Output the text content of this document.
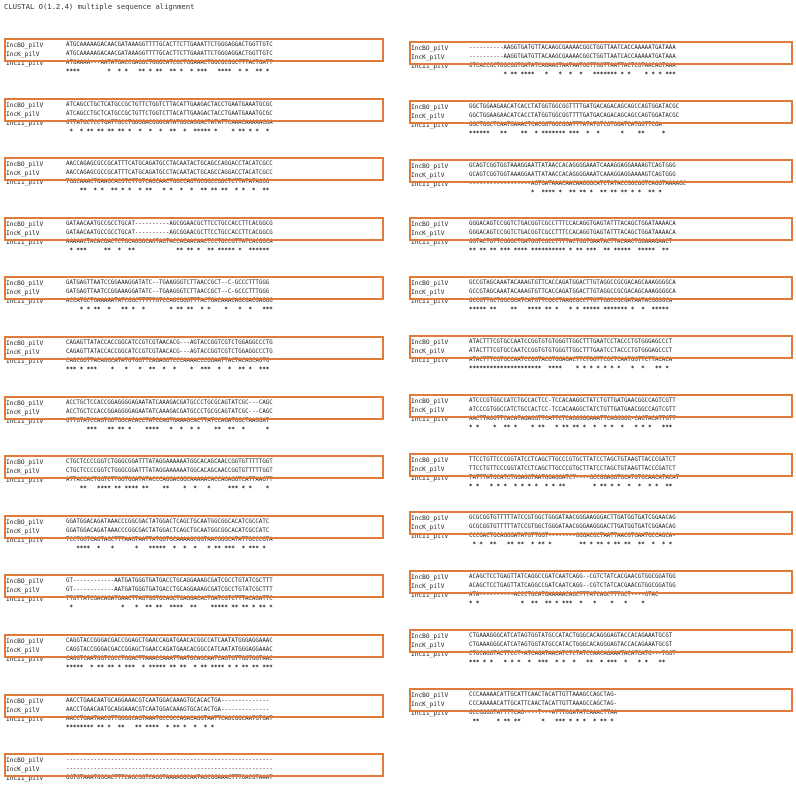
CLUSTAL O(1.2.4) multiple sequence alignment
IncBO_pilV	ATGCAAAAAGACAACGATAAAGGTTTTGCACTTCTTGAAATTCTGGGAGGACTGGTTGTC
IncK_pilV	ATGCAAAAAGACAACGATAAAGGTTTTGCACTTCTTGAAATTCTGGGAGGACTGGTTGTC
IncI1_pilV	ATGAAAA---AATATGACCGAGGCTGGGCATCGCTGGAAACTGGCGCGGCTTTACTGATT
****        *  * *   ** * **  ** *  * ***   ****  * *  ** *
IncBO_pilV	ATCAGCCTGCTCATGCCGCTGTTCTGGTCTTACATTGAAGACTACCTGAATGAAATGCGC
IncK_pilV	ATCAGCCTGCTCATGCCGCTGTTCTGGTCTTACATTGAAGACTACCTGAATGAAATGCGC
IncI1_pilV	GTTATGCTCCTGATTGCCTGGGGACGGGCATATGGCAGGACTATATTCAAACAAAAAGGA
*  * ** ** ** ** *  *  *  *  **  *  ***** *    * ** * *  *
IncBO_pilV	AACCAGAGCGCCGCATTTCATGCAGATGCCTACAATACTGCAGCCAGGACCTACATCGCC
IncK_pilV	AACCAGAGCGCCGCATTTCATGCAGATGCCTACAATACTGCAGCCAGGACCTACATCGCC
IncI1_pilV	TGGCAAACTGAAGCACGTCTTGTCAGCAACTGGCCAGTGCGGCCGGCTCTTATATAGGG
**  * *  ** * *  * **   * *  *  *  ** ** **  * *  *  **
IncBO_pilV	GATAACAATGCCGCCTGCAT----------AGCGGAACGCTTCCTGCCACCTTCACGGCG
IncK_pilV	GATAACAATGCCGCCTGCAT----------AGCGGAACGCTTCCTGCCACCTTCACGGCG
IncI1_pilV	AAAAACTACACGACTCTGCAGGGCAGTAGTACCACAACAACTCCTGCCGTTATCACGGCA
* ***     **  *  **            ** ** *  ** ***** *  ******
IncBO_pilV	GATGAGTTAATCCGGAAAGGATATC--TGAAGGGTCTTAACCGCT--C-GCCCTTTGGG
IncK_pilV	GATGAGTTAATCCGGAAAGGATATC--TGAAGGGTCTTAACCGCT--C-GCCCTTTGGG
IncI1_pilV	ACCATGCTGAAAAATATCGGCTTTTTGTCCAGCGGGTTTACTGACAAACAGCGACGAGGG
* * **  *   ** *  *       * ** **  * *    *   *  *   ***
IncBO_pilV	CAGAGTTATACCACCGGCATCCGTCGTAACACG---AGTACCGGTCGTCTGGAGGCCCTG
IncK_pilV	CAGAGTTATACCACCGGCATCCGTCGTAACACG---AGTACCGGTCGTCTGGAGGCCCTG
IncI1_pilV	CAGCGGTTACAGGCATATGTGGTTCAGAGGTCCCAAAACCCGGAATTACTACAGCAGTG
*** * ***    *   *   *  **  *  *    *  ***  *  *  ** *  ***
IncBO_pilV	ACCTGCTCCACCGGAGGGGAGAATATCAAAGACGATGCCCTGCGCAGTATCGC---CAGC
IncK_pilV	ACCTGCTCCACCGGAGGGGAGAATATCAAAGACGATGCCCTGCGCAGTATCGC---CAGC
IncI1_pilV	GTTGTATCCAGTGGTGGCACACCTATCCAGTGAAAGCACTTATCCAGATGGCTAAGGAT
***   ** ** *    ****   *  *  * *    **  **  *      *
IncBO_pilV	CTGCTCCCCGGTCTGGGCGGATTTATAGGAAAAAATGGCACAGCAACCGGTGTTTTTGGT
IncK_pilV	CTGCTCCCCGGTCTGGGCGGATTTATAGGAAAAAATGGCACAGCAACCGGTGTTTTTGGT
IncI1_pilV	ATTACCACTGGTCTTGGTGGATATACCCAGGACGGCAAAAACACCAGAGGTCATTAAGTT
**   **** ** **** **    **    *  *   *     *** * *    *
IncBO_pilV	GGATGGACAGATAAACCCGGCGACTATGGACTCAGCTGCAATGGCGGCACATCGCCATC
IncK_pilV	GGATGGACAGATAAACCCGGCGACTATGGACTCAGCTGCAATGGCGGCACATCGCCATC
IncI1_pilV	TCCTGGTCAGTAGCTTTAAGTAATTATGGTGCAAAAGCGGTAACGGGCATATTGCCCGTA
****  *   *      *   *****  *  *  *   * ** ***  * *** *
IncBO_pilV	GT------------AATGATGGGTGATGACCTGCAGGAAAGCGATCGCCTGTATCGCTTT
IncK_pilV	GT------------AATGATGGGTGATGACCTGCAGGAAAGCGATCGCCTGTATCGCTTT
IncI1_pilV	TTGTTATCGACAGATGAACTTAGTGGTGCAGCTGAGGACACTGATCGTCTTTACAGATTC
*              *   *  ** **  ****  **    ***** ** ** * ** *
IncBO_pilV	CAGGTACCGGGACGACCGGAGCTGAACCAGATGAACACGGCCATCAATATGGGAGGAAAC
IncK_pilV	CAGGTACCGGGACGACCGGAGCTGAACCAGATGAACACGGCCATCAATATGGGAGGAAAC
IncI1_pilV	CAGGTCAATGGTCGCCTGGACTTAAACCAAATTAATGCAGCAATCAGTGTTGGTGGTAAC
*****  * ** ** * ***  * ***** ** **  * ** **** * * ** ** ***
IncBO_pilV	AACCTGAACAATGCAGGAAACGTCAATGGACAAAGTGCACACTGA--------------
IncK_pilV	AACCTGAACAATGCAGGAAACGTCAATGGACAAAGTGCACACTGA--------------
IncI1_pilV	AACCTGAATAACGTTGGGGCAGTAAATGCCGCCAGACAGGTAATTCAGCGGCAATGTGAT
******** ** *  **   ** ****  * ** *  *  * *
IncBO_pilV	------------------------------------------------------------
IncK_pilV	------------------------------------------------------------
IncI1_pilV	GGTGTAAATGGCACTTTCAGCGGTCAGGTAAAAGGCAATAGCGGAAACTTTGACGTAAAT
IncBO_pilV	----------AAGGTGATGTTACAAGCGAAAACGGCTGGTTAATCACCAAAAATGATAAA
IncK_pilV	----------AAGGTGATGTTACAAGCGAAAACGGCTGGTTAATCACCAAAAATGATAAA
IncI1_pilV	GTCACCGCTGGCGGTGATATCAGAAGTAATAATGGTTGGTTAATTACTCGTAACAGTAAA
* ** ****   *   *  *  *   ******* * *    * * * ***
IncBO_pilV	GGCTGGAAGAACATCACCTATGGTGGCGGTTTTGATGACAGACAGCAGCCAGTGGATACGC
IncK_pilV	GGCTGGAAGAACATCACCTATGGTGGCGGTTTTGATGACAGACAGCAGCCAGTGGATACGC
IncI1_pilV	GGCTGGCTCAATGAAACTCACGGTGGCGGATTTATATGTCGTGGATCATGGTTCGA
******   **    **  * ******* ***  *  *      *    **     *
IncBO_pilV	GCAGTCGGTGGTAAAGGAATTATAACCACAGGGGAAATCAAAGGAGGAAAAGTCAGTGGG
IncK_pilV	GCAGTCGGTGGTAAAGGAATTATAACCACAGGGGAAATCAAAGGAGGAAAAGTCAGTGGG
IncI1_pilV	------------------AGTGATAAACAACAAGGGCATCTATACCGGCGGTCAGGTAAAAGC
*  **** *  ** ** *  ** ** ** * *  ** *
IncBO_pilV	GGGACAGTCCGGTCTGACGGTCGCCTTTCCACAGGTGAGTATTTACAGCTGGATAAAACA
IncK_pilV	GGGACAGTCCGGTCTGACGGTCGCCTTTCCACAGGTGAGTATTTACAGCTGGATAAAACA
IncI1_pilV	GGTACTGTTCGGGCTGATGGTCGCCTTTTACTGGTGAATACTTACAACTGGAAAGAACT
** ** ** *** **** ********** * ** ***  ** *****  *****  **
IncBO_pilV	GCCGTAGCAAATACAAAGTGTTCACCAGATGGACTTGTAGGCCGCGACAGCAAAGGGGCA
IncK_pilV	GCCGTAGCAAATACAAAGTGTTCACCAGATGGACTTGTAGGCCGCGACAGCAAAGGGGCA
IncI1_pilV	GCCGTTGCTGGCGCATCATGTTCGCCTAAGCGCCTTGTTGGCCGCGATAATACGGGGCA
***** **    **   **** ** *   * * ***** ******* *  *  *****
IncBO_pilV	ATACTTTCGTGCCAATCCGGTGTGTGGGTTGGCTTTGAATCCTACCCTGTGGGAGCCCT
IncK_pilV	ATACTTTCGTGCCAATCCGGTGTGTGGGTTGGCTTTGAATCCTACCCTGTGGGAGCCCT
IncI1_pilV	ATACTTTCGTGCCAATCCGGTACGTGGAGACTTCTGGTTCGCTCAATGGTTCTTACACA
*********************  ****    * * * * * * *   *  *   ** *
IncBO_pilV	ATCCCGTGGCCATCTGCCACTCC-TCCACAAGGCTATCTGTTGATGAACGGCCAGTCGTT
IncK_pilV	ATCCCGTGGCCATCTGCCACTCC-TCCACAAGGCTATCTGTTGATGAACGGCCAGTCGTT
IncI1_pilV	AACTTAGGTTCACATAGAGGTTCATTCTCAGGGGGAAATTCAGGGGG-CAGTACATTGTT
* *    *  ** *    * **   * ** ** *  *  * *  *   * * *   ***
IncBO_pilV	TTCCTGTTCCCGGTATCCTCAGCTTGCCCGTGCTTATCCTAGCTGTAAGTTACCCGATCT
IncK_pilV	TTCCTGTTCCCGGTATCCTCAGCTTGCCCGTGCTTATCCTAGCTGTAAGTTACCCGATCT
IncI1_pilV	TATTTATGCATCTGGAGGTAATGGAGGATCT----GCCGGAGGTGCATGTGCAACATACAT
* *   * * *  * * * *  * * **        * ** * *  *  *  * *  **
IncBO_pilV	GCGCGGTGTTTTTATCCGTGGCTGGGATAACGGGAAGGGACTTGATGGTGATCGGAACAG
IncK_pilV	GCGCGGTGTTTTTATCCGTGGCTGGGATAACGGGAAGGGACTTGATGGTGATCGGAACAG
IncI1_pilV	CCCGACTGCAGGGATATGTTGGT--------GGGACGCTAATTAACGTGAATGCCAGCA-
* *  **   ** **  * ** *        ** * ** * ** **  **  *  * *
IncBO_pilV	ACAGCTCCTGAGTTATCAGGCCGATCAATCAGG--CGTCTATCACGAACGTGGCGGATGG
IncK_pilV	ACAGCTCCTGAGTTATCAGGCCGATCAATCAGG--CGTCTATCACGAACGTGGCGGATGG
IncI1_pilV	ATA----------ACCCTGCATGAAAAACAGCTTTATCAGCTTTGCT----GTAC
* *            *  **  ** * ***  *   *    *   *    *
IncBO_pilV	CTGAAAGGGCATCATAGTGGTATGCCATACTGGGCACAGGGAGTACCACAGAAATGCGT
IncK_pilV	CTGAAAGGGCATCATAGTGGTATGCCATACTGGGCACAGGGAGTACCACAGAAATGCGT
IncI1_pilV	CTGCAGGTACTTCCT-ATCAGATAACATCTCTATCCAACAGAAATACATCATG---TGGT
*** * *   * * *  *  ***  * *  *   **  * ***  *   * *   **
IncBO_pilV	CCCAAAAACATTGCATTCAACTACATTGTTAAAGCCAGCTAG-
IncK_pilV	CCCAAAAACATTGCATTCAACTACATTGTTAAAGCCAGCTAG-
IncI1_pilV	GCCGGGGTATTTTCAG----T---ATTTGGATATCAAACTTAA
**     * ** **      *   *** * * *  * ** *
